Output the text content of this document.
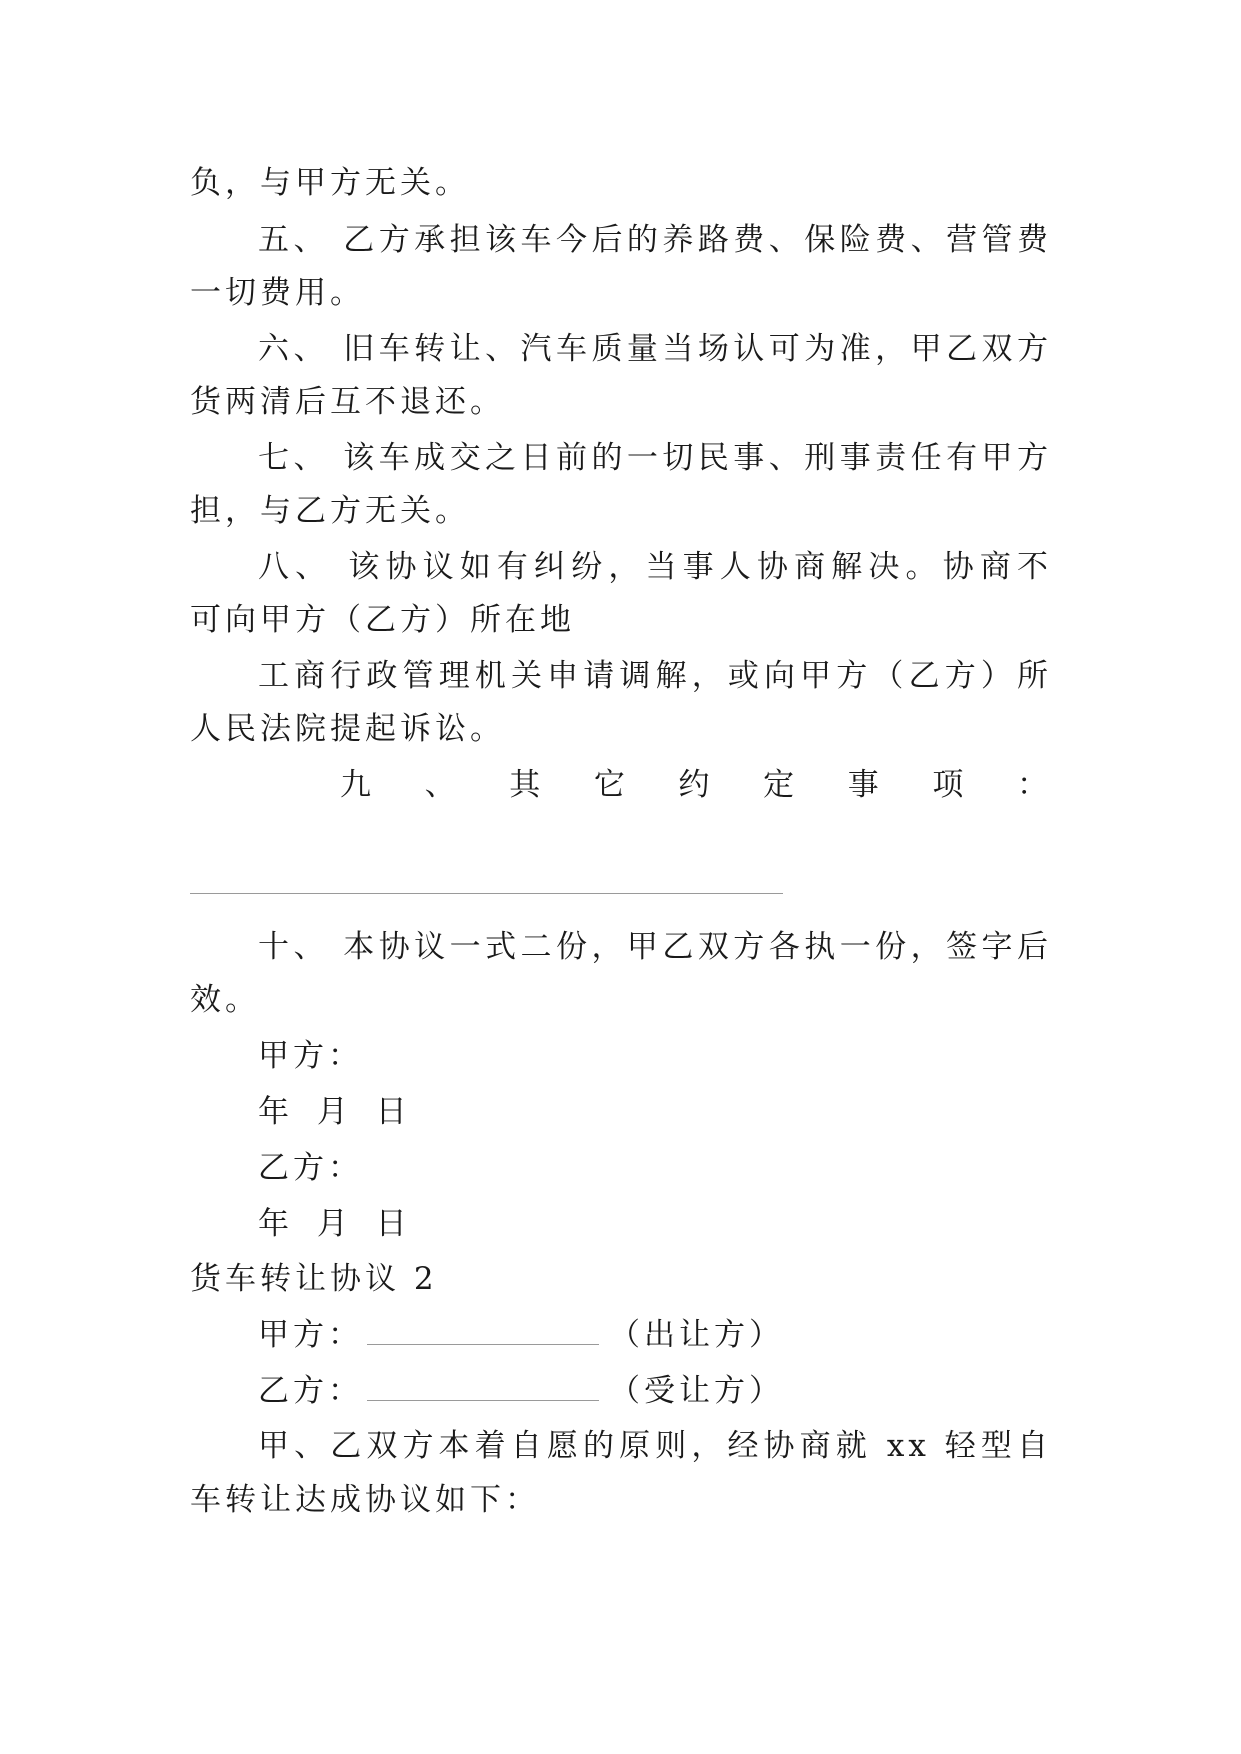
负，与甲方无关。
五、 乙方承担该车今后的养路费、保险费、营管费
一切费用。
六、 旧车转让、汽车质量当场认可为准，甲乙双方
货两清后互不退还。
七、 该车成交之日前的一切民事、刑事责任有甲方
担，与乙方无关。
八、 该协议如有纠纷，当事人协商解决。协商不
可向甲方（乙方）所在地
工商行政管理机关申请调解，或向甲方（乙方）所
人民法院提起诉讼。
九 、 其 它 约 定 事 项 ：
十、 本协议一式二份，甲乙双方各执一份，签字后
效。
甲方：
年 月 日
乙方：
年 月 日
货车转让协议 2
甲方：	（出让方）
乙方：	（受让方）
甲、乙双方本着自愿的原则，经协商就 xx 轻型自
车转让达成协议如下：
